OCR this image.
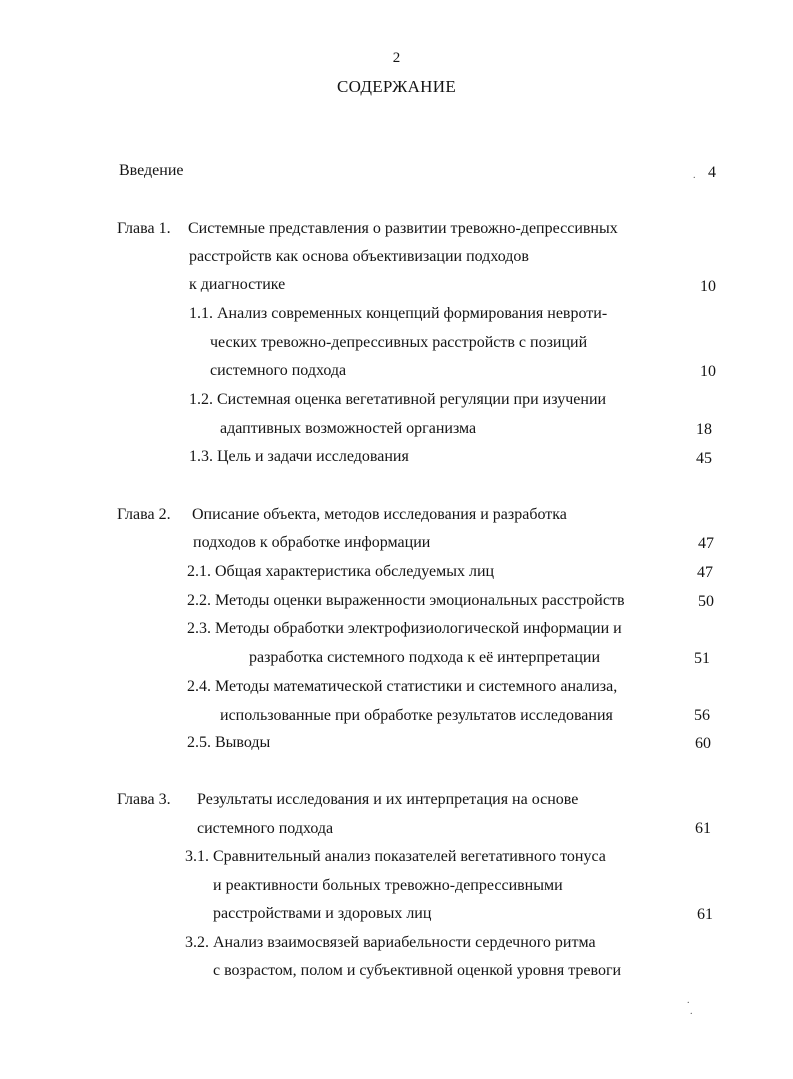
2
СОДЕРЖАНИЕ
Введение	. 4
Глава 1. Системные представления о развитии тревожно-депрессивных
расстройств как основа объективизации подходов
к диагностике	10
1.1. Анализ современных концепций формирования невроти-
ческих тревожно-депрессивных расстройств с позиций
системного подхода	10
1.2. Системная оценка вегетативной регуляции при изучении
адаптивных возможностей организма	18
1.3. Цель и задачи исследования	45
Глава 2. Описание объекта, методов исследования и разработка
подходов к обработке информации	47
2.1. Общая характеристика обследуемых лиц	47
2.2. Методы оценки выраженности эмоциональных расстройств	50
2.3. Методы обработки электрофизиологической информации и
разработка системного подхода к её интерпретации	51
2.4. Методы математической статистики и системного анализа,
использованные при обработке результатов исследования	56
2.5. Выводы	60
Глава 3. Результаты исследования и их интерпретация на основе
системного подхода	61
3.1. Сравнительный анализ показателей вегетативного тонуса
и реактивности больных тревожно-депрессивными
расстройствами и здоровых лиц	61
3.2. Анализ взаимосвязей вариабельности сердечного ритма
с возрастом, полом и субъективной оценкой уровня тревоги
.
.
